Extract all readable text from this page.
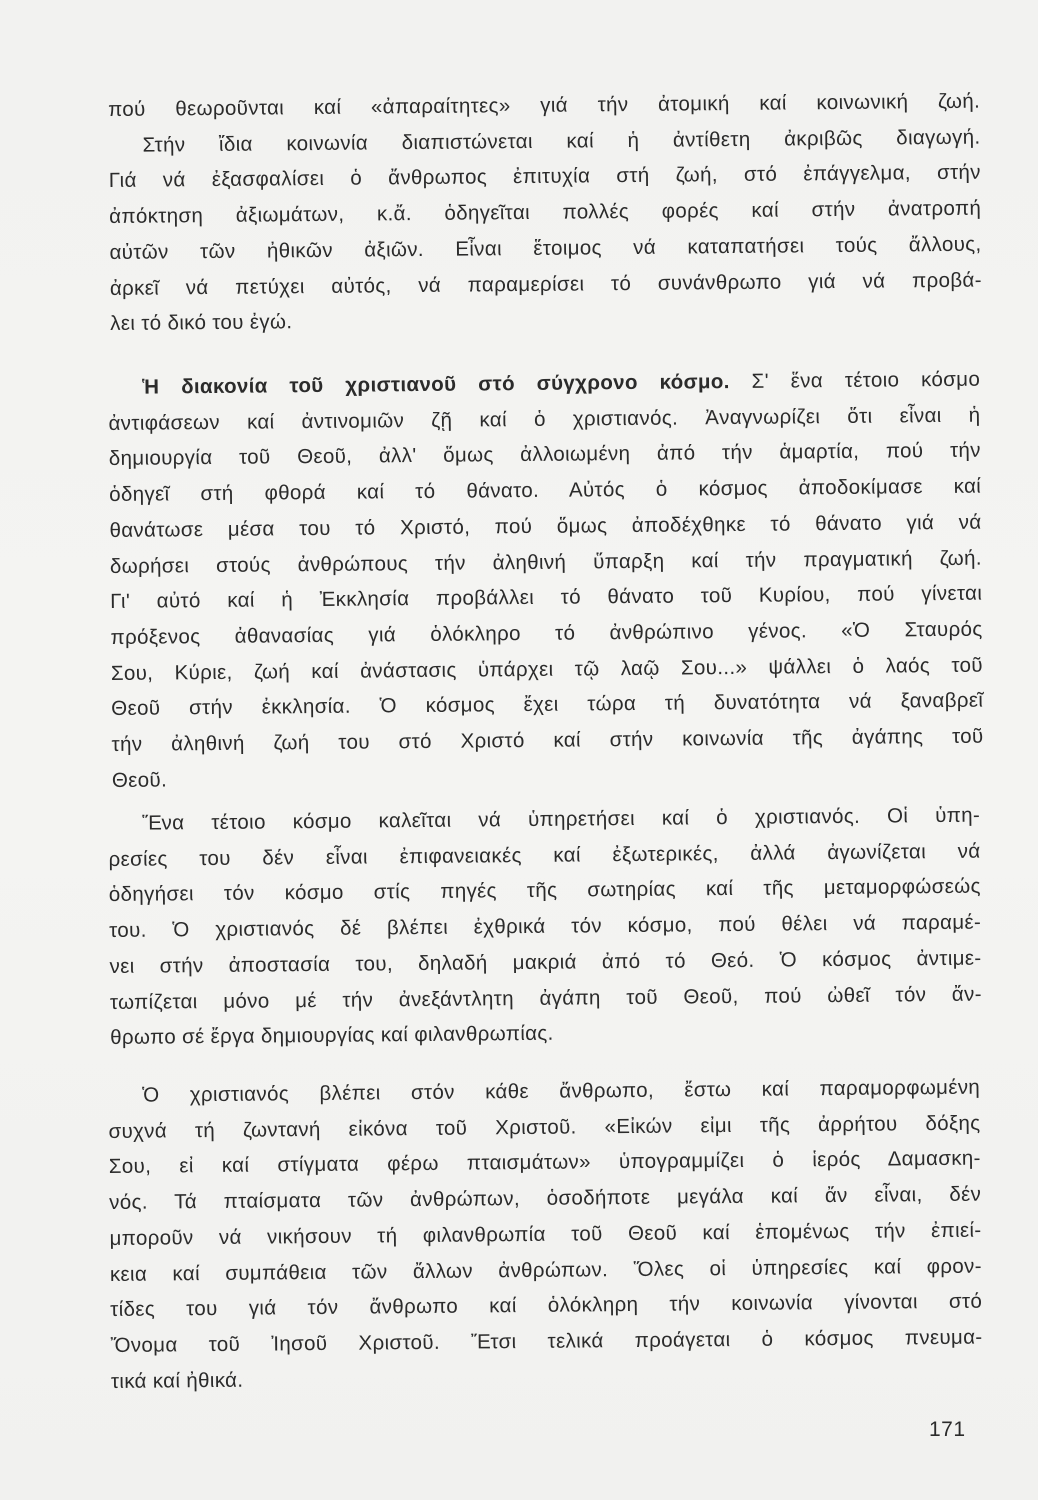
πού θεωροῦνται καί «ἀπαραίτητες» γιά τήν ἀτομική καί κοινωνική ζωή.
Στήν ἴδια κοινωνία διαπιστώνεται καί ἡ ἀντίθετη ἀκριβῶς διαγωγή.
Γιά νά ἐξασφαλίσει ὁ ἄνθρωπος ἐπιτυχία στή ζωή, στό ἐπάγγελμα, στήν
ἀπόκτηση ἀξιωμάτων, κ.ἄ. ὁδηγεῖται πολλές φορές καί στήν ἀνατροπή
αὐτῶν τῶν ἠθικῶν ἀξιῶν. Εἶναι ἕτοιμος νά καταπατήσει τούς ἄλλους,
ἀρκεῖ νά πετύχει αὐτός, νά παραμερίσει τό συνάνθρωπο γιά νά προβά-
λει τό δικό του ἐγώ.
Ἡ διακονία τοῦ χριστιανοῦ στό σύγχρονο κόσμο. Σ' ἕνα τέτοιο κόσμο
ἀντιφάσεων καί ἀντινομιῶν ζῇ καί ὁ χριστιανός. Ἀναγνωρίζει ὅτι εἶναι ἡ
δημιουργία τοῦ Θεοῦ, ἀλλ' ὅμως ἀλλοιωμένη ἀπό τήν ἁμαρτία, πού τήν
ὁδηγεῖ στή φθορά καί τό θάνατο. Αὐτός ὁ κόσμος ἀποδοκίμασε καί
θανάτωσε μέσα του τό Χριστό, πού ὅμως ἀποδέχθηκε τό θάνατο γιά νά
δωρήσει στούς ἀνθρώπους τήν ἀληθινή ὕπαρξη καί τήν πραγματική ζωή.
Γι' αὐτό καί ἡ Ἐκκλησία προβάλλει τό θάνατο τοῦ Κυρίου, πού γίνεται
πρόξενος ἀθανασίας γιά ὁλόκληρο τό ἀνθρώπινο γένος. «Ὁ Σταυρός
Σου, Κύριε, ζωή καί ἀνάστασις ὑπάρχει τῷ λαῷ Σου...» ψάλλει ὁ λαός τοῦ
Θεοῦ στήν ἐκκλησία. Ὁ κόσμος ἔχει τώρα τή δυνατότητα νά ξαναβρεῖ
τήν ἀληθινή ζωή του στό Χριστό καί στήν κοινωνία τῆς ἀγάπης τοῦ
Θεοῦ.
Ἕνα τέτοιο κόσμο καλεῖται νά ὑπηρετήσει καί ὁ χριστιανός. Οἱ ὑπη-
ρεσίες του δέν εἶναι ἐπιφανειακές καί ἐξωτερικές, ἀλλά ἀγωνίζεται νά
ὁδηγήσει τόν κόσμο στίς πηγές τῆς σωτηρίας καί τῆς μεταμορφώσεώς
του. Ὁ χριστιανός δέ βλέπει ἐχθρικά τόν κόσμο, πού θέλει νά παραμέ-
νει στήν ἀποστασία του, δηλαδή μακριά ἀπό τό Θεό. Ὁ κόσμος ἀντιμε-
τωπίζεται μόνο μέ τήν ἀνεξάντλητη ἀγάπη τοῦ Θεοῦ, πού ὠθεῖ τόν ἄν-
θρωπο σέ ἔργα δημιουργίας καί φιλανθρωπίας.
Ὁ χριστιανός βλέπει στόν κάθε ἄνθρωπο, ἔστω καί παραμορφωμένη
συχνά τή ζωντανή εἰκόνα τοῦ Χριστοῦ. «Εἰκών εἰμι τῆς ἀρρήτου δόξης
Σου, εἰ καί στίγματα φέρω πταισμάτων» ὑπογραμμίζει ὁ ἱερός Δαμασκη-
νός. Τά πταίσματα τῶν ἀνθρώπων, ὁσοδήποτε μεγάλα καί ἄν εἶναι, δέν
μποροῦν νά νικήσουν τή φιλανθρωπία τοῦ Θεοῦ καί ἑπομένως τήν ἐπιεί-
κεια καί συμπάθεια τῶν ἄλλων ἀνθρώπων. Ὅλες οἱ ὑπηρεσίες καί φρον-
τίδες του γιά τόν ἄνθρωπο καί ὁλόκληρη τήν κοινωνία γίνονται στό
Ὄνομα τοῦ Ἰησοῦ Χριστοῦ. Ἔτσι τελικά προάγεται ὁ κόσμος πνευμα-
τικά καί ἠθικά.
171
